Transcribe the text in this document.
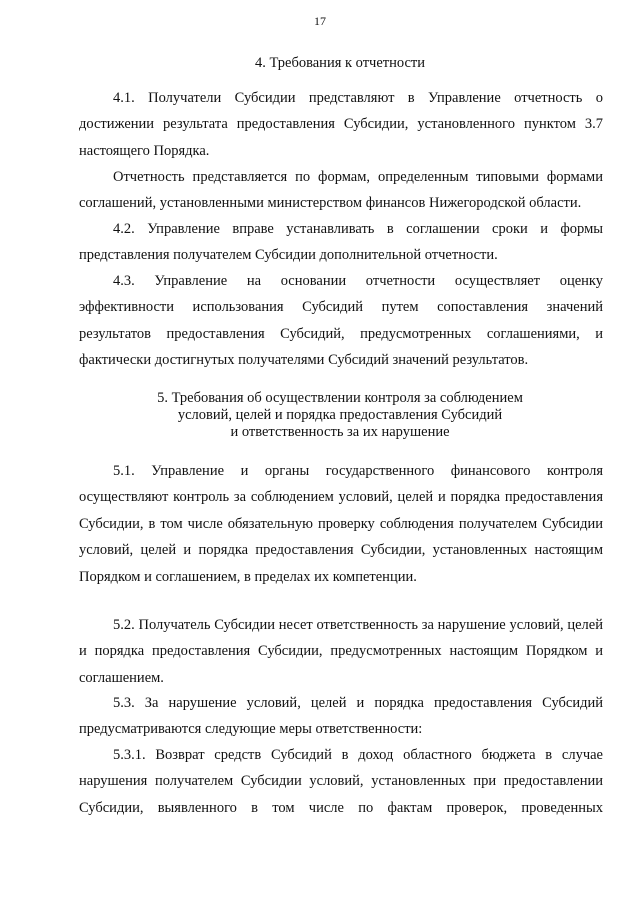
17
4. Требования к отчетности

4.1. Получатели Субсидии представляют в Управление отчетность о достижении результата предоставления Субсидии, установленного пунктом 3.7 настоящего Порядка.

Отчетность представляется по формам, определенным типовыми формами соглашений, установленными министерством финансов Нижегородской области.

4.2. Управление вправе устанавливать в соглашении сроки и формы представления получателем Субсидии дополнительной отчетности.

4.3. Управление на основании отчетности осуществляет оценку эффективности использования Субсидий путем сопоставления значений результатов предоставления Субсидий, предусмотренных соглашениями, и фактически достигнутых получателями Субсидий значений результатов.

5. Требования об осуществлении контроля за соблюдением
условий, целей и порядка предоставления Субсидий
и ответственность за их нарушение

5.1. Управление и органы государственного финансового контроля осуществляют контроль за соблюдением условий, целей и порядка предоставления Субсидии, в том числе обязательную проверку соблюдения получателем Субсидии условий, целей и порядка предоставления Субсидии, установленных настоящим Порядком и соглашением, в пределах их компетенции.

5.2. Получатель Субсидии несет ответственность за нарушение условий, целей и порядка предоставления Субсидии, предусмотренных настоящим Порядком и соглашением.

5.3. За нарушение условий, целей и порядка предоставления Субсидий предусматриваются следующие меры ответственности:

5.3.1. Возврат средств Субсидий в доход областного бюджета в случае нарушения получателем Субсидии условий, установленных при предоставлении Субсидии, выявленного в том числе по фактам проверок, проведенных
